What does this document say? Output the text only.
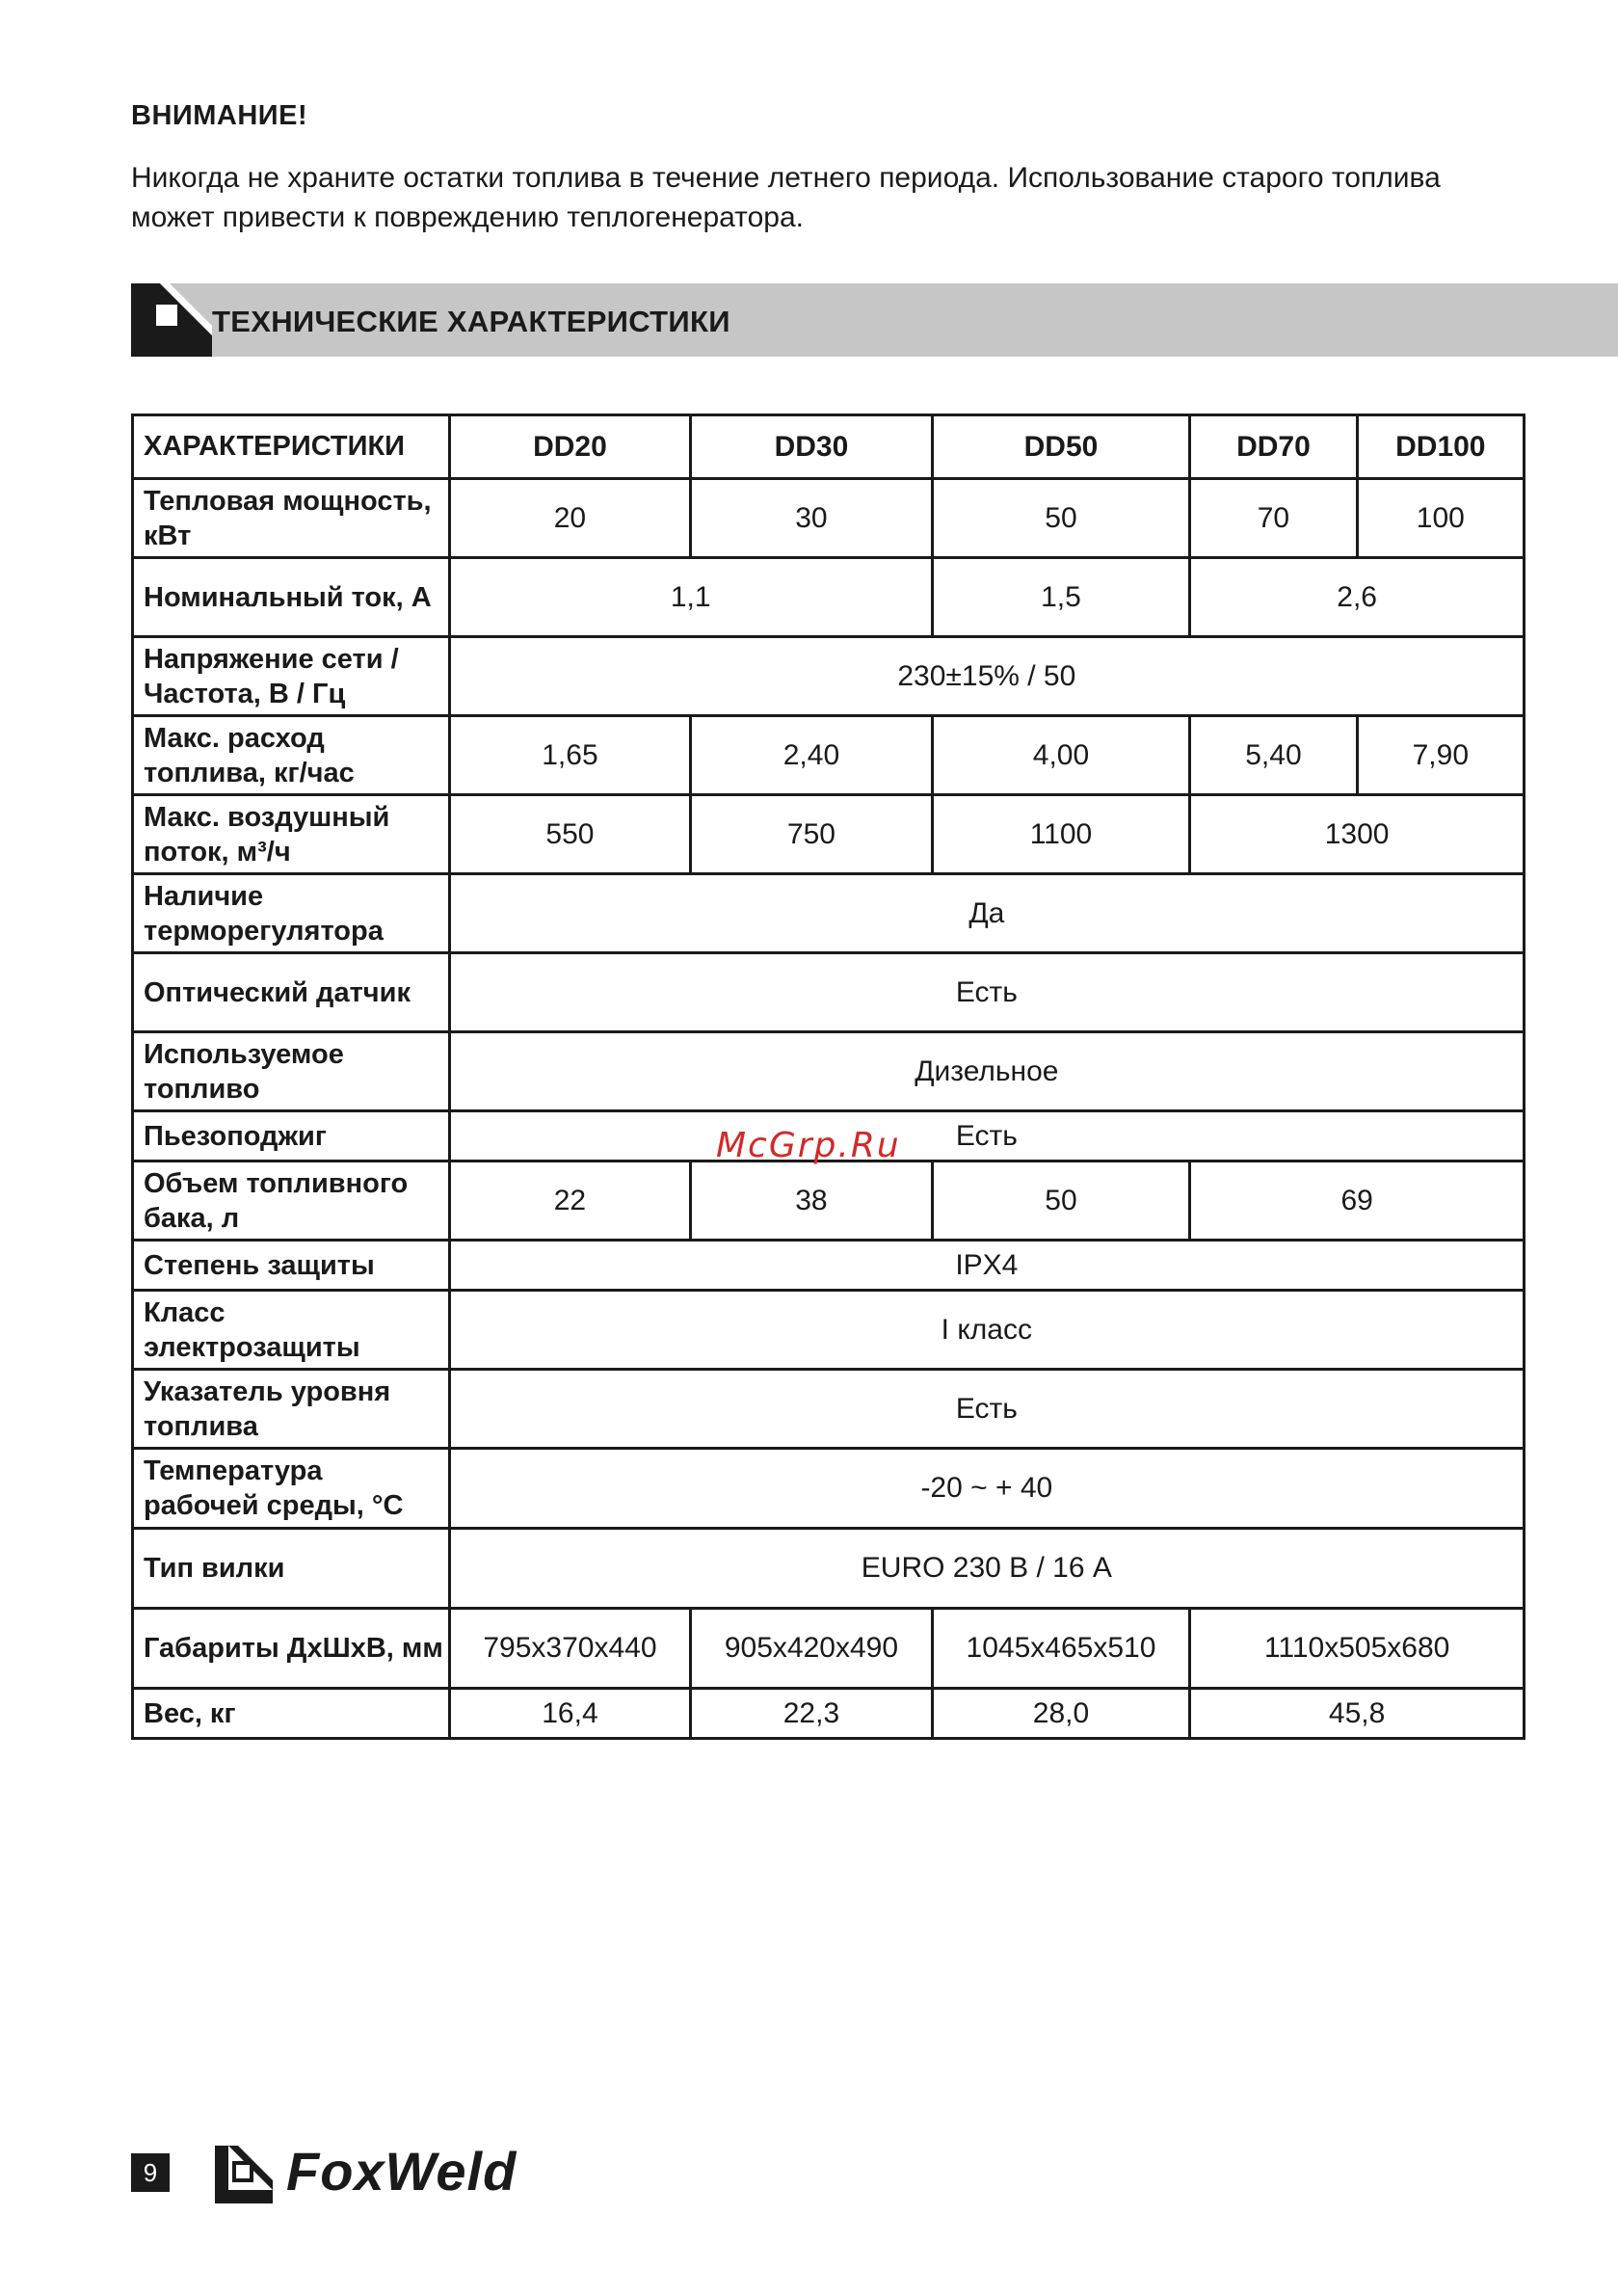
ВНИМАНИЕ!
Никогда не храните остатки топлива в течение летнего периода. Использование старого топлива может привести к повреждению теплогенератора.
ТЕХНИЧЕСКИЕ ХАРАКТЕРИСТИКИ
ХАРАКТЕРИСТИКИ	DD20	DD30	DD50	DD70	DD100
Тепловая мощность, кВт	20	30	50	70	100
Номинальный ток, А	1,1		1,5	2,6	
Напряжение сети / Частота, В / Гц	230±15% / 50				
Макс. расход топлива, кг/час	1,65	2,40	4,00	5,40	7,90
Макс. воздушный поток, м³/ч	550	750	1100	1300	
Наличие терморегулятора	Да				
Оптический датчик	Есть				
Используемое топливо	Дизельное				
Пьезоподжиг	Есть				
Объем топливного бака, л	22	38	50	69	
Степень защиты	IPX4				
Класс электрозащиты	I класс				
Указатель уровня топлива	Есть				
Температура рабочей среды, °С	-20 ~ + 40				
Тип вилки	EURO 230 В / 16 А				
Габариты ДхШхВ, мм	795x370x440	905x420x490	1045x465x510	1110x505x680	
Вес, кг	16,4	22,3	28,0	45,8	
McGrp.Ru
9 FoxWeld
